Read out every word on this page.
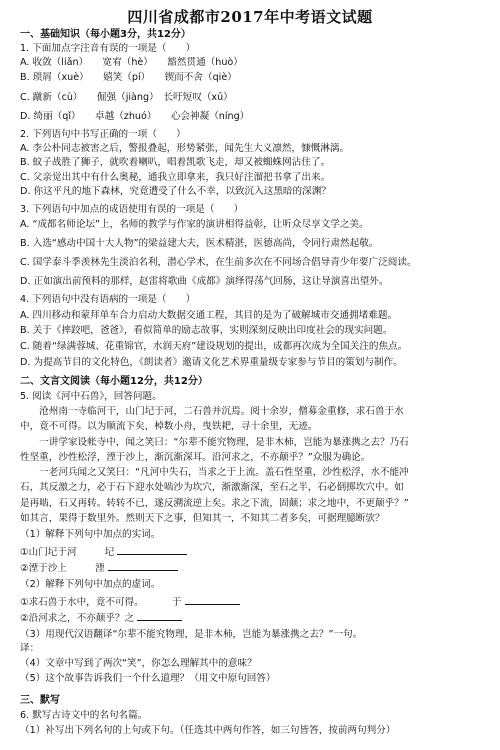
四川省成都市2017年中考语文试题
一、基础知识（每小题3分，共12分）
1. 下面加点字注音有误的一项是（　　）
A. 收敛（liǎn）　　宽宥（hè）　　豁然贯通（huò）
B. 琐屑（xuè）　　嬉笑（pí）　　锲而不舍（qiè）
C. 蹴新（cù）　　倔强（jiàng）　长吁短叹（xū）
D. 绮丽（qǐ）　　卓越（zhuó）　　心会神凝（níng）
2. 下列语句中书写正确的一项（　　）
A. 李公朴同志被害之后，警报叠起，形势紧张，闻先生大义凛然，慷慨淋漓。
B. 蚊子战胜了狮子，就吹着喇叭，唱着凯歌飞走，却又被蜘蛛网沾住了。
C. 父亲觉出其中有什么奥秘，通我立即拿来，我只好注溜把书拿了出来。
D. 你这平凡的地下森林，究竟遭受了什么不幸，以致沉入这黑暗的深渊？
3. 下列语句中加点的成语使用有误的一项是（　　）
A. “成都名师论坛”上，名师的教学与作家的演讲相得益彰，让听众尽享文学之美。
B. 入选“感动中国十大人物”的梁益建大夫，医术精湛，医德高尚，令同行肃然起敬。
C. 国学泰斗季羡林先生淡泊名利，潜心学术，在生前多次在不同场合倡导青少年要广泛阅读。
D. 正如演出前预料的那样，赵雷将歌曲《成都》演绎得荡气回肠，这让导演喜出望外。
4. 下列语句中没有语病的一项是（　　）
A. 四川移动和蒙拜单车合力启动大数据交通工程，其目的是为了破解城市交通拥堵难题。
B. 关于《摔跤吧，爸爸》，看似简单的励志故事，实则深刻反映出印度社会的现实问题。
C. 随着“绿满蓉城、花重锦官，水润天府”建设规划的提出，成都再次成为全国关注的焦点。
D. 为提高节目的文化特色，《朗读者》邀请文化艺术界重量级专家参与节目的策划与制作。
二、文言文阅读（每小题12分，共12分）
5. 阅读《河中石兽》，回答问题。
　　沧州南一寺临河干，山门圮于河，二石兽并沉焉。阅十余岁，僧募金重修，求石兽于水
中，竟不可得。以为顺流下矣，棹数小舟，曳铁耙，寻十余里，无迹。
　　一讲学家设帐寺中，闻之笑曰：“尔辈不能究物理，是非木柿，岂能为暴涨携之去？乃石
性坚重，沙性松浮，湮于沙上，渐沉渐深耳。沿河求之，不亦颠乎？”众服为确论。
　　一老河兵闻之又笑曰：“凡河中失石，当求之于上流。盖石性坚重，沙性松浮，水不能冲
石，其反激之力，必于石下迎水处啮沙为坎穴，渐激渐深，至石之半，石必倒掷坎穴中。如
是再啮，石又再转。转转不已，遂反溯流逆上矣。求之下流，固颠；求之地中，不更颠乎？”
如其言，果得于数里外。然则天下之事，但知其一，不知其二者多矣，可据理臆断欤？
（1）解释下列句中加点的实词。
①山门圮于河	圮
②湮于沙上	湮
（2）解释下列句中加点的虚词。
①求石兽于水中，竟不可得。	于
②沿河求之，不亦颠乎？之
（3）用现代汉语翻译“尔辈不能究物理，是非木柿，岂能为暴涨携之去？”一句。
译：
（4）文章中写到了两次“笑”，你怎么理解其中的意味？
（5）这个故事告诉我们一个什么道理？（用文中原句回答）
三、默写
6. 默写古诗文中的名句名篇。
（1）补写出下列名句的上句或下句。（任选其中两句作答，如三句皆答，按前两句判分）
